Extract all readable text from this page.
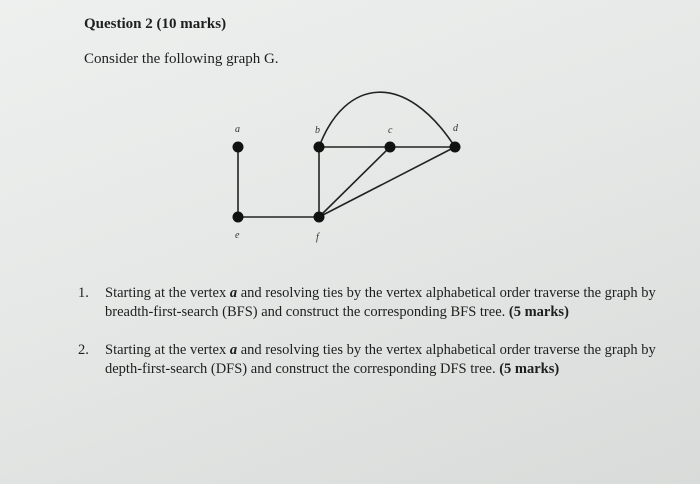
Question 2 (10 marks)
Consider the following graph G.
a	b	c	d
e	f
1. Starting at the vertex a and resolving ties by the vertex alphabetical order traverse the graph by breadth-first-search (BFS) and construct the corresponding BFS tree. (5 marks)
2. Starting at the vertex a and resolving ties by the vertex alphabetical order traverse the graph by depth-first-search (DFS) and construct the corresponding DFS tree. (5 marks)
